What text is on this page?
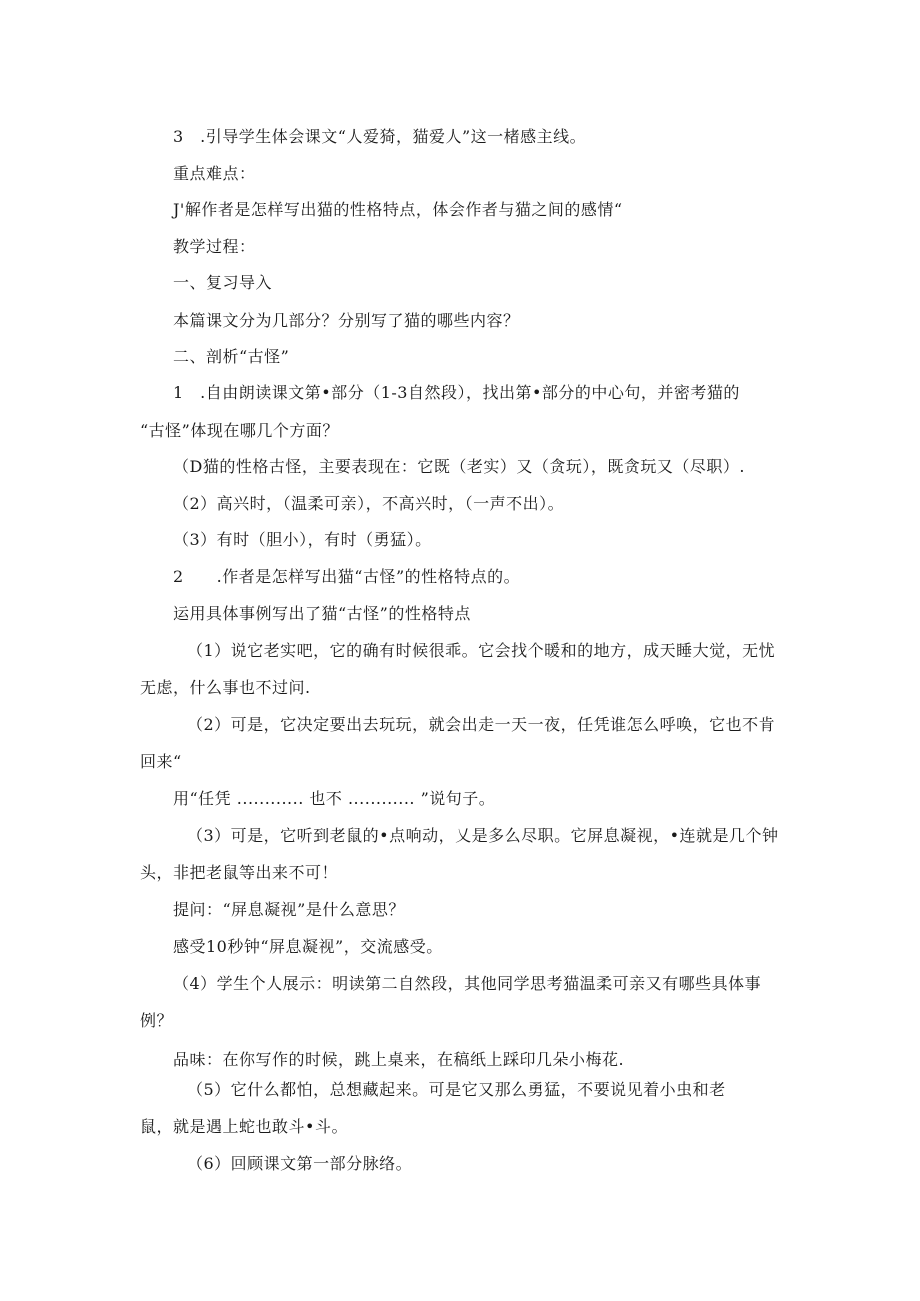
3　.引导学生体会课文“人爱猗，猫爱人”这一楮感主线。
重点难点：
J'解作者是怎样写出猫的性格特点，体会作者与猫之间的感情“
教学过程：
一、复习导入
本篇课文分为几部分？分别写了猫的哪些内容？
二、剖析“古怪”
1　.自由朗读课文第•部分（1-3自然段），找出第•部分的中心句，并密考猫的
“古怪”体现在哪几个方面？
（D猫的性格古怪，主要表现在：它既（老实）又（贪玩），既贪玩又（尽职）.
（2）高兴时，（温柔可亲），不高兴时，（一声不出）。
（3）有时（胆小），有时（勇猛）。
2　　.作者是怎样写出猫“古怪”的性格特点的。
运用具体事例写出了猫“古怪”的性格特点
（1）说它老实吧，它的确有时候很乖。它会找个暖和的地方，成天睡大觉，无忧
无虑，什么事也不过问.
（2）可是，它决定要出去玩玩，就会出走一天一夜，任凭谁怎么呼唤，它也不肯
回来“
用“任凭 ............ 也不 ............ ”说句子。
（3）可是，它听到老鼠的•点响动，乂是多么尽职。它屏息凝视，•连就是几个钟
头，非把老鼠等出来不可！
提问：“屏息凝视”是什么意思？
感受10秒钟“屏息凝视”，交流感受。
（4）学生个人展示：明读第二自然段，其他同学思考猫温柔可亲又有哪些具体事
例？
品味：在你写作的时候，跳上桌来，在稿纸上踩印几朵小梅花.
（5）它什么都怕，总想藏起来。可是它又那么勇猛，不要说见着小虫和老
鼠，就是遇上蛇也敢斗•斗。
（6）回顾课文第一部分脉络。
